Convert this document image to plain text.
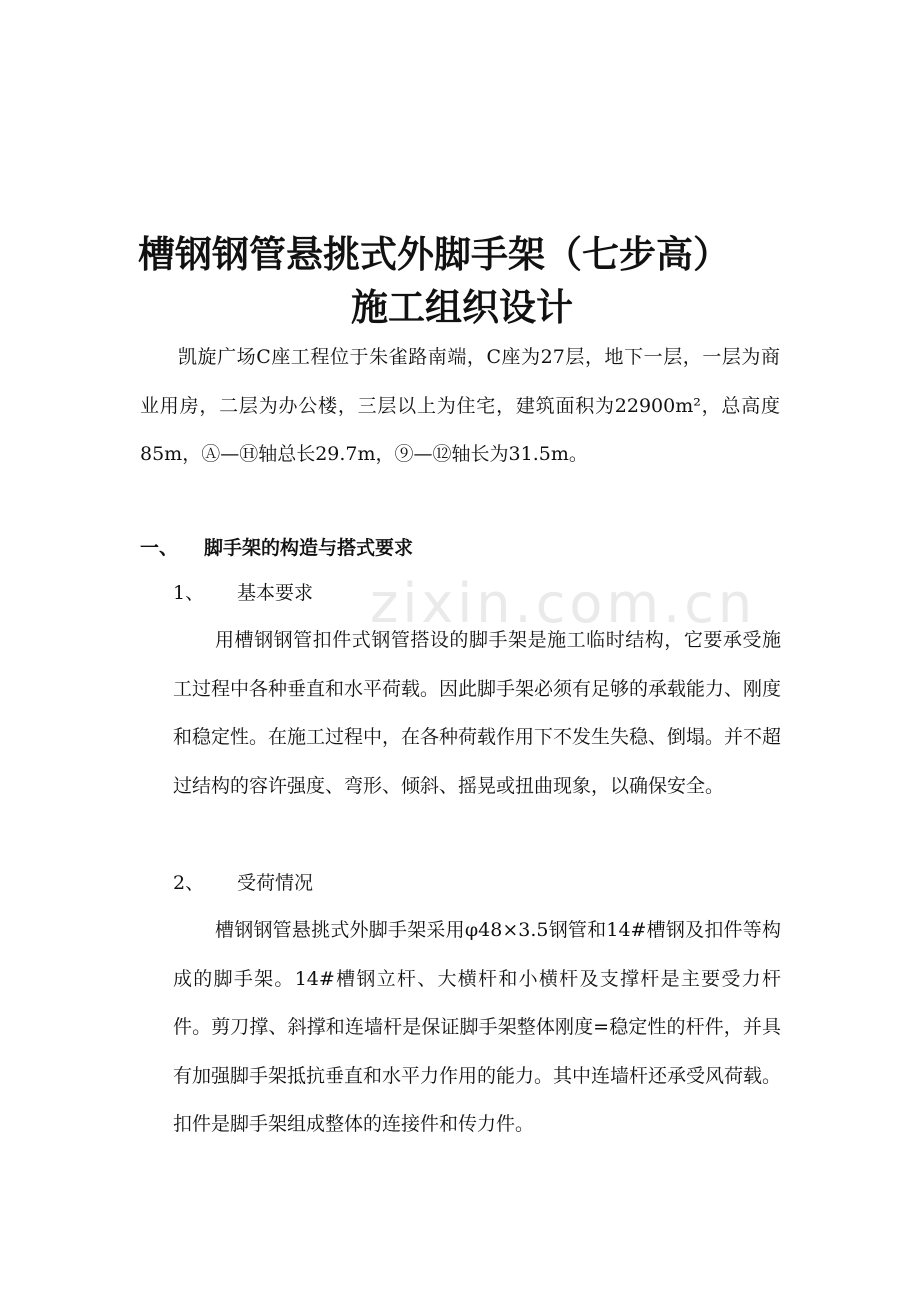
zixin.com.cn
槽钢钢管悬挑式外脚手架（七步高）
施工组织设计

凯旋广场C座工程位于朱雀路南端，C座为27层，地下一层，一层为商业用房，二层为办公楼，三层以上为住宅，建筑面积为22900m²，总高度85m，Ⓐ—Ⓗ轴总长29.7m，⑨—⑫轴长为31.5m。

一、 脚手架的构造与搭式要求
1、 基本要求

用槽钢钢管扣件式钢管搭设的脚手架是施工临时结构，它要承受施工过程中各种垂直和水平荷载。因此脚手架必须有足够的承载能力、刚度和稳定性。在施工过程中，在各种荷载作用下不发生失稳、倒塌。并不超过结构的容许强度、弯形、倾斜、摇晃或扭曲现象，以确保安全。

2、 受荷情况

槽钢钢管悬挑式外脚手架采用φ48×3.5钢管和14#槽钢及扣件等构成的脚手架。14#槽钢立杆、大横杆和小横杆及支撑杆是主要受力杆件。剪刀撑、斜撑和连墙杆是保证脚手架整体刚度=稳定性的杆件，并具有加强脚手架抵抗垂直和水平力作用的能力。其中连墙杆还承受风荷载。扣件是脚手架组成整体的连接件和传力件。
